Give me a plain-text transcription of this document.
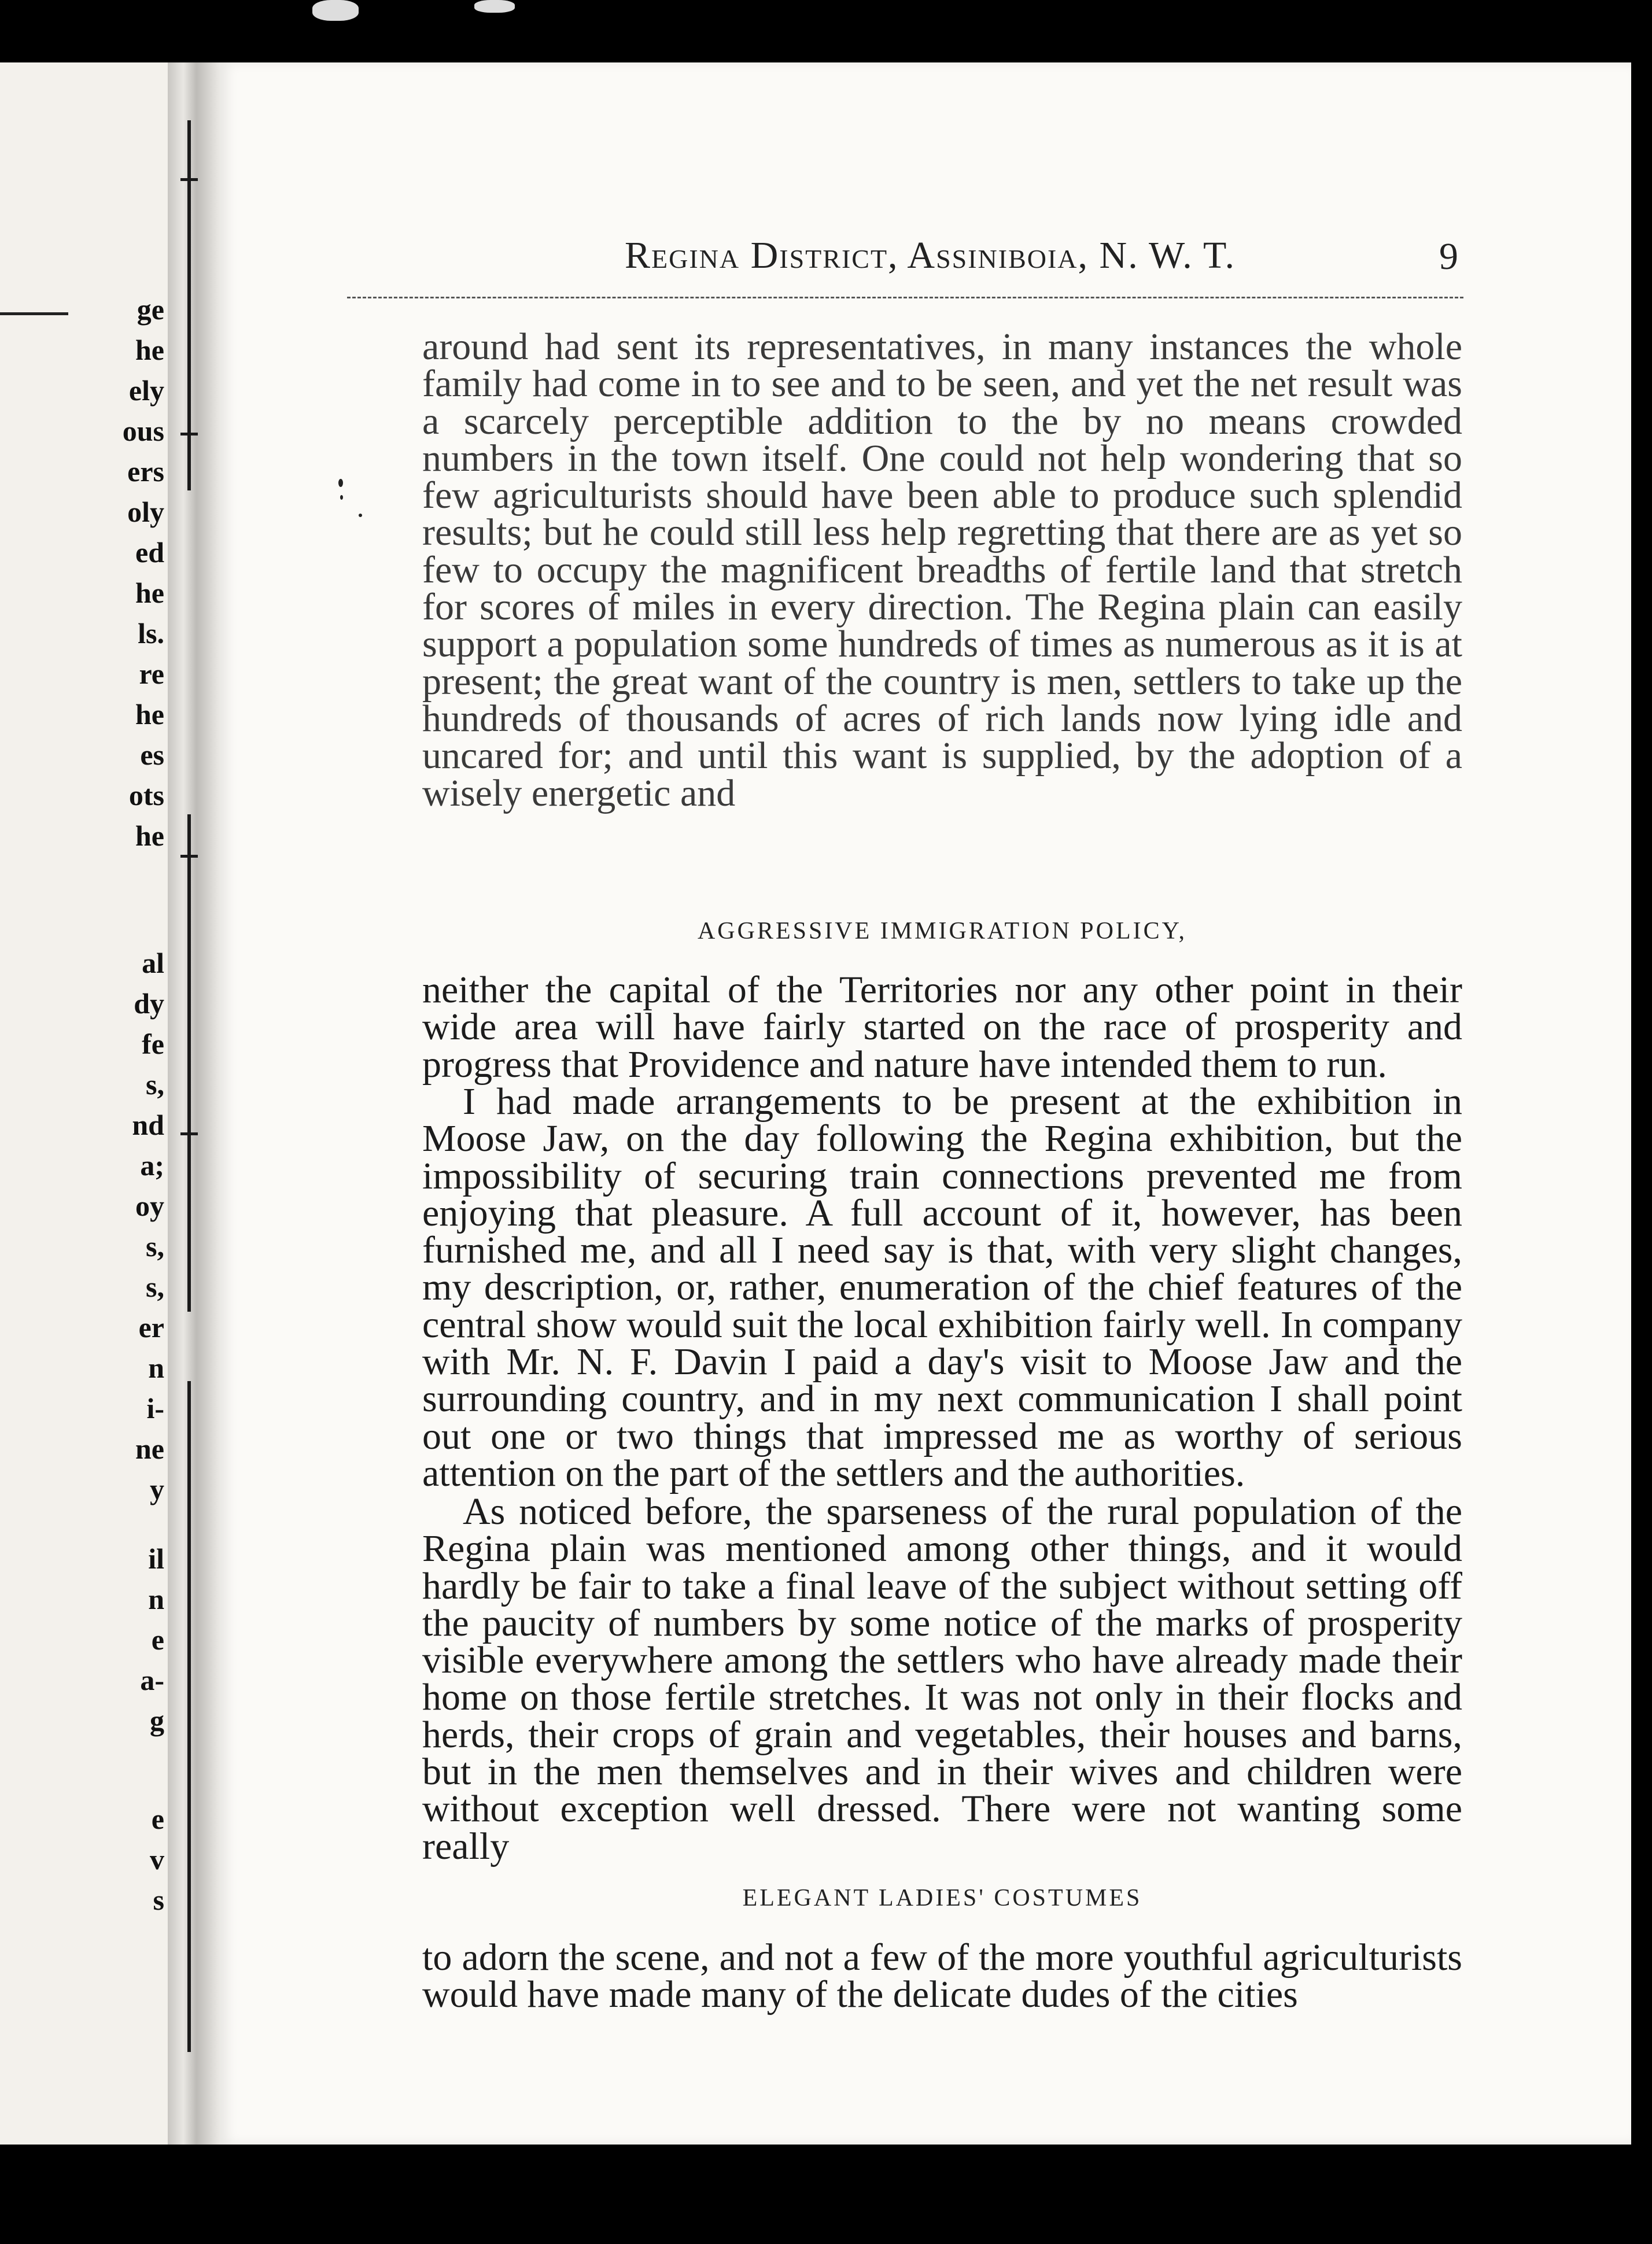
ge
he
ely
ous
ers
oly
ed
he
ls.
re
he
es
ots
he
al
dy
fe
s,
nd
a;
oy
s,
s,
er
n
i-
ne
y
il
n
e
a-
g
e
v
s
Regina District, Assiniboia, N. W. T.	9

around had sent its representatives, in many instances the whole family had come in to see and to be seen, and yet the net result was a scarcely perceptible addition to the by no means crowded numbers in the town itself. One could not help wondering that so few agriculturists should have been able to produce such splendid results; but he could still less help regretting that there are as yet so few to occupy the magnificent breadths of fertile land that stretch for scores of miles in every direction. The Regina plain can easily support a population some hundreds of times as numerous as it is at present; the great want of the country is men, settlers to take up the hundreds of thousands of acres of rich lands now lying idle and uncared for; and until this want is supplied, by the adoption of a wisely energetic and

AGGRESSIVE IMMIGRATION POLICY,

neither the capital of the Territories nor any other point in their wide area will have fairly started on the race of prosperity and progress that Providence and nature have intended them to run.

I had made arrangements to be present at the exhibition in Moose Jaw, on the day following the Regina exhibition, but the impossibility of securing train connections prevented me from enjoying that pleasure. A full account of it, however, has been furnished me, and all I need say is that, with very slight changes, my description, or, rather, enumeration of the chief features of the central show would suit the local exhibition fairly well. In company with Mr. N. F. Davin I paid a day's visit to Moose Jaw and the surrounding country, and in my next communication I shall point out one or two things that impressed me as worthy of serious attention on the part of the settlers and the authorities.

As noticed before, the sparseness of the rural population of the Regina plain was mentioned among other things, and it would hardly be fair to take a final leave of the subject without setting off the paucity of numbers by some notice of the marks of prosperity visible everywhere among the settlers who have already made their home on those fertile stretches. It was not only in their flocks and herds, their crops of grain and vegetables, their houses and barns, but in the men themselves and in their wives and children were without exception well dressed. There were not wanting some really

ELEGANT LADIES' COSTUMES

to adorn the scene, and not a few of the more youthful agriculturists would have made many of the delicate dudes of the cities
